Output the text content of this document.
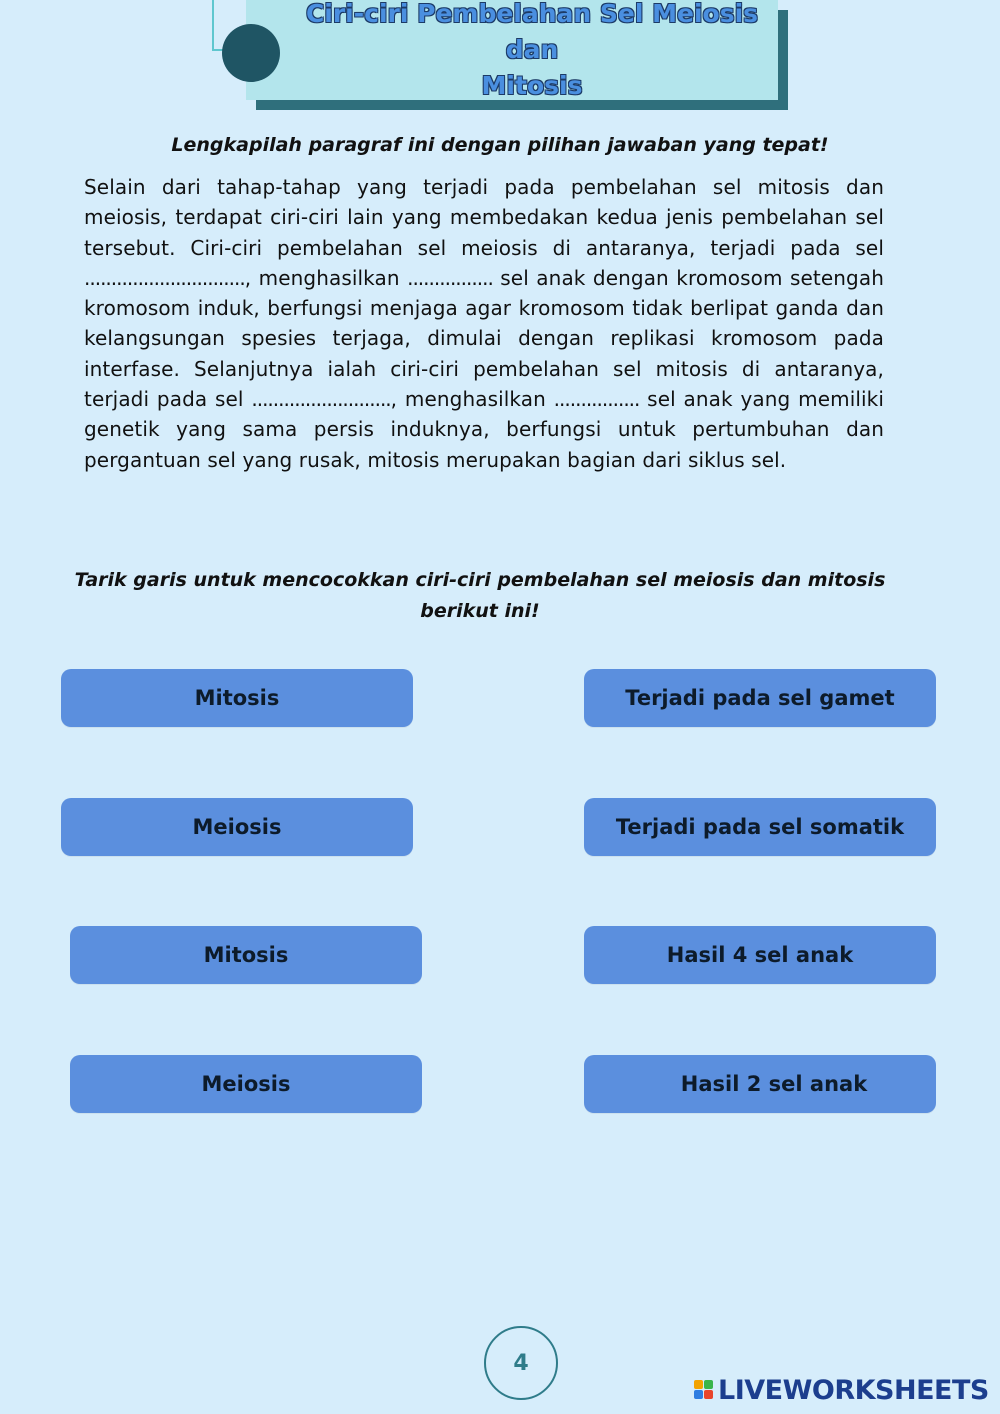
Ciri-ciri Pembelahan Sel Meiosis dan
Mitosis
Lengkapilah paragraf ini dengan pilihan jawaban yang tepat!
Selain dari tahap-tahap yang terjadi pada pembelahan sel mitosis dan meiosis, terdapat ciri-ciri lain yang membedakan kedua jenis pembelahan sel tersebut. Ciri-ciri pembelahan sel meiosis di antaranya, terjadi pada sel .............................., menghasilkan ................ sel anak dengan kromosom setengah kromosom induk, berfungsi menjaga agar kromosom tidak berlipat ganda dan kelangsungan spesies terjaga, dimulai dengan replikasi kromosom pada interfase. Selanjutnya ialah ciri-ciri pembelahan sel mitosis di antaranya, terjadi pada sel .........................., menghasilkan ................ sel anak yang memiliki genetik yang sama persis induknya, berfungsi untuk pertumbuhan dan pergantuan sel yang rusak, mitosis merupakan bagian dari siklus sel.
Tarik garis untuk mencocokkan ciri-ciri pembelahan sel meiosis dan mitosis
berikut ini!
Mitosis
Meiosis
Mitosis
Meiosis
Terjadi pada sel gamet
Terjadi pada sel somatik
Hasil 4 sel anak
Hasil 2 sel anak
4
LIVEWORKSHEETS
